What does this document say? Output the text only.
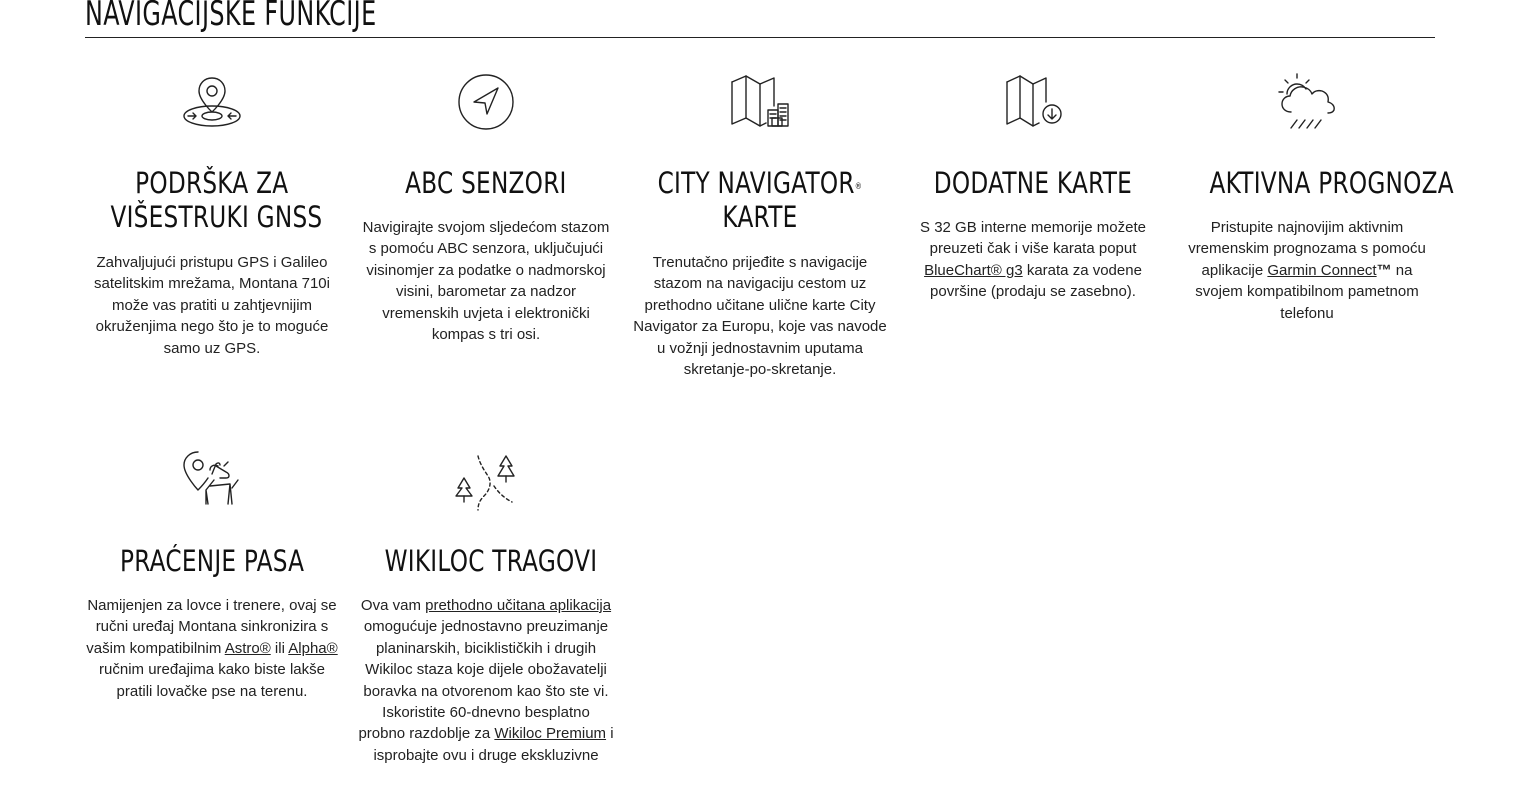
NAVIGACIJSKE FUNKCIJE
PODRŠKA ZA
VIŠESTRUKI GNSS

Zahvaljujući pristupu GPS i Galileo satelitskim mrežama, Montana 710i može vas pratiti u zahtjevnijim okruženjima nego što je to moguće samo uz GPS.

ABC SENZORI

Navigirajte svojom sljedećom stazom s pomoću ABC senzora, uključujući visinomjer za podatke o nadmorskoj visini, barometar za nadzor vremenskih uvjeta i elektronički kompas s tri osi.

CITY NAVIGATOR®
KARTE

Trenutačno prijeđite s navigacije stazom na navigaciju cestom uz prethodno učitane ulične karte City Navigator za Europu, koje vas navode u vožnji jednostavnim uputama skretanje-po-skretanje.

DODATNE KARTE

S 32 GB interne memorije možete preuzeti čak i više karata poput BlueChart® g3 karata za vodene površine (prodaju se zasebno).

AKTIVNA PROGNOZA

Pristupite najnovijim aktivnim vremenskim prognozama s pomoću aplikacije Garmin Connect™ na svojem kompatibilnom pametnom telefonu

PRAĆENJE PASA

Namijenjen za lovce i trenere, ovaj se ručni uređaj Montana sinkronizira s vašim kompatibilnim Astro® ili Alpha® ručnim uređajima kako biste lakše pratili lovačke pse na terenu.

WIKILOC TRAGOVI

Ova vam prethodno učitana aplikacija omogućuje jednostavno preuzimanje planinarskih, biciklističkih i drugih Wikiloc staza koje dijele obožavatelji boravka na otvorenom kao što ste vi. Iskoristite 60-dnevno besplatno probno razdoblje za Wikiloc Premium i isprobajte ovu i druge ekskluzivne
